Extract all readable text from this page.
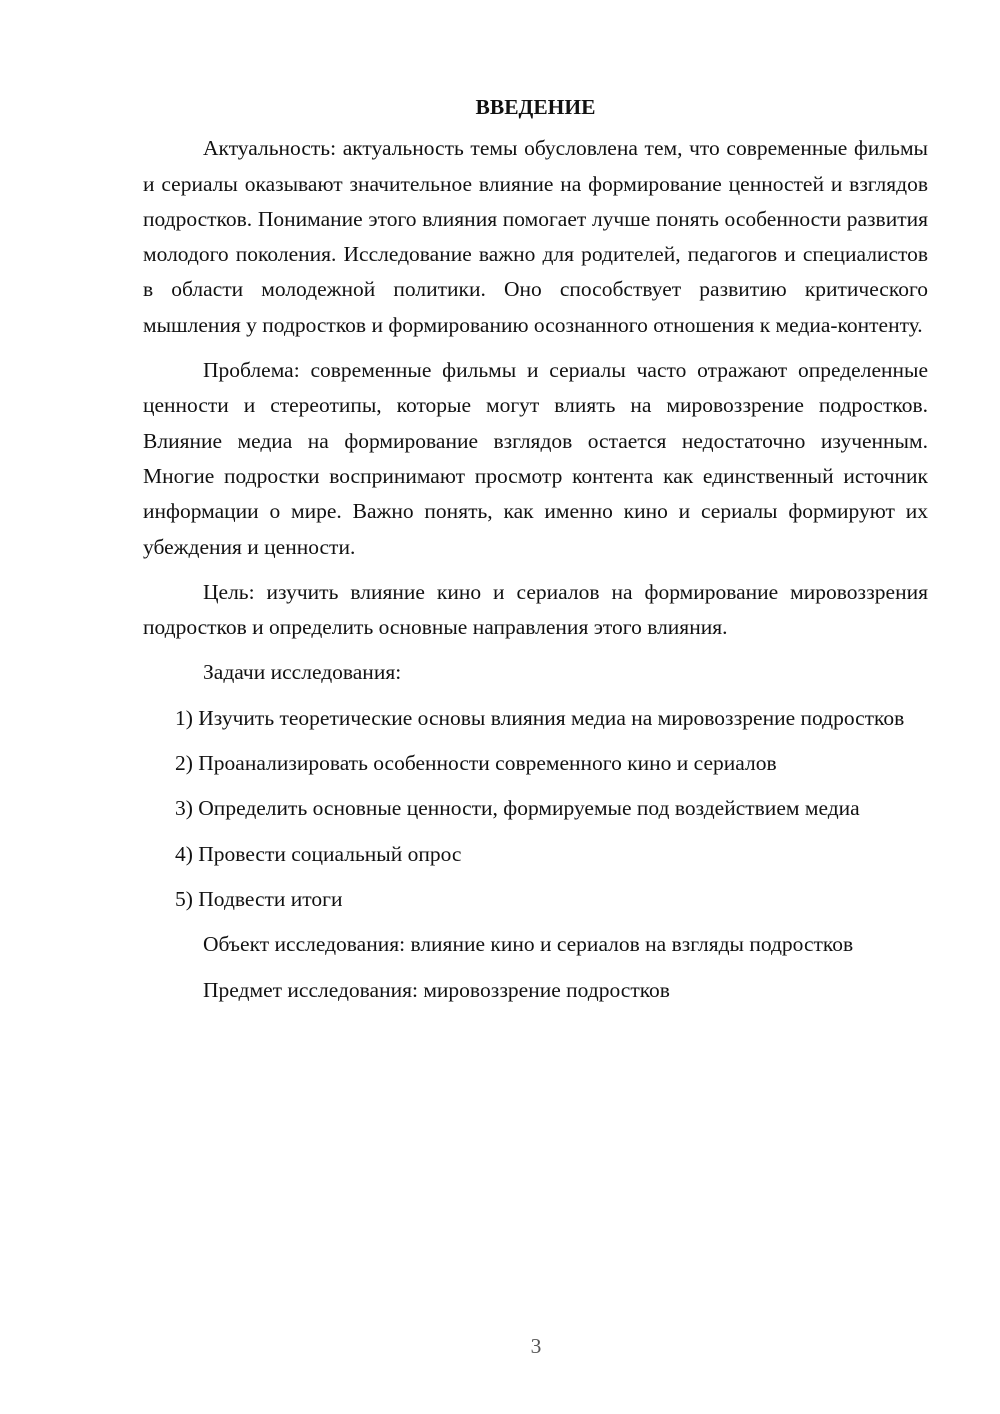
ВВЕДЕНИЕ

Актуальность: актуальность темы обусловлена тем, что современные фильмы и сериалы оказывают значительное влияние на формирование ценностей и взглядов подростков. Понимание этого влияния помогает лучше понять особенности развития молодого поколения. Исследование важно для родителей, педагогов и специалистов в области молодежной политики. Оно способствует развитию критического мышления у подростков и формированию осознанного отношения к медиа-контенту.

Проблема: современные фильмы и сериалы часто отражают определенные ценности и стереотипы, которые могут влиять на мировоззрение подростков. Влияние медиа на формирование взглядов остается недостаточно изученным. Многие подростки воспринимают просмотр контента как единственный источник информации о мире. Важно понять, как именно кино и сериалы формируют их убеждения и ценности.

Цель: изучить влияние кино и сериалов на формирование мировоззрения подростков и определить основные направления этого влияния.

Задачи исследования:

1) Изучить теоретические основы влияния медиа на мировоззрение подростков

2) Проанализировать особенности современного кино и сериалов

3) Определить основные ценности, формируемые под воздействием медиа

4) Провести социальный опрос

5) Подвести итоги

Объект исследования: влияние кино и сериалов на взгляды подростков

Предмет исследования: мировоззрение подростков

3
